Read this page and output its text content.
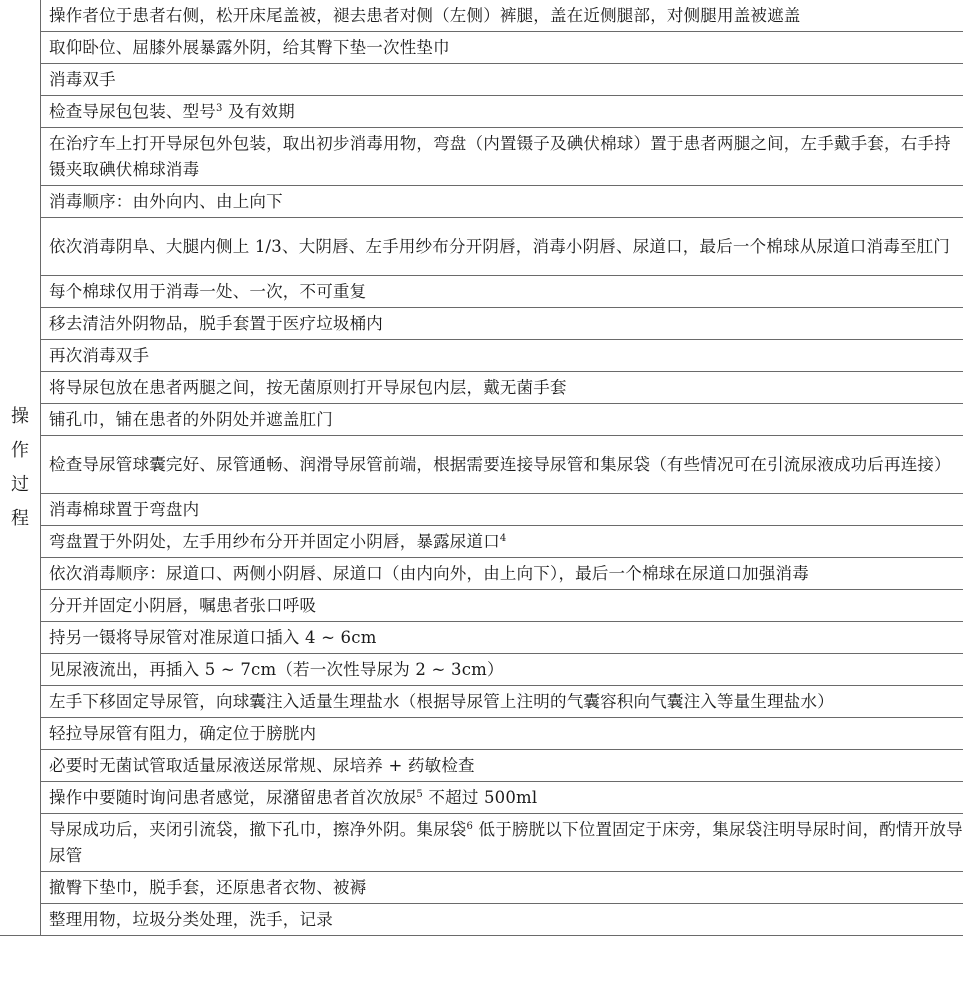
操作过程	操作者位于患者右侧，松开床尾盖被，褪去患者对侧（左侧）裤腿，盖在近侧腿部，对侧腿用盖被遮盖
取仰卧位、屈膝外展暴露外阴，给其臀下垫一次性垫巾
消毒双手
检查导尿包包装、型号$^3$ 及有效期
在治疗车上打开导尿包外包装，取出初步消毒用物，弯盘（内置镊子及碘伏棉球）置于患者两腿之间，左手戴手套，右手持镊夹取碘伏棉球消毒
消毒顺序：由外向内、由上向下
依次消毒阴阜、大腿内侧上 1/3、大阴唇、左手用纱布分开阴唇，消毒小阴唇、尿道口，最后一个棉球从尿道口消毒至肛门
每个棉球仅用于消毒一处、一次，不可重复
移去清洁外阴物品，脱手套置于医疗垃圾桶内
再次消毒双手
将导尿包放在患者两腿之间，按无菌原则打开导尿包内层，戴无菌手套
铺孔巾，铺在患者的外阴处并遮盖肛门
检查导尿管球囊完好、尿管通畅、润滑导尿管前端，根据需要连接导尿管和集尿袋（有些情况可在引流尿液成功后再连接）
消毒棉球置于弯盘内
弯盘置于外阴处，左手用纱布分开并固定小阴唇，暴露尿道口$^4$
依次消毒顺序：尿道口、两侧小阴唇、尿道口（由内向外，由上向下），最后一个棉球在尿道口加强消毒
分开并固定小阴唇，嘱患者张口呼吸
持另一镊将导尿管对准尿道口插入 4 ~ 6cm
见尿液流出，再插入 5 ~ 7cm（若一次性导尿为 2 ~ 3cm）
左手下移固定导尿管，向球囊注入适量生理盐水（根据导尿管上注明的气囊容积向气囊注入等量生理盐水）
轻拉导尿管有阻力，确定位于膀胱内
必要时无菌试管取适量尿液送尿常规、尿培养 + 药敏检查
操作中要随时询问患者感觉，尿潴留患者首次放尿$^5$ 不超过 500ml
导尿成功后，夹闭引流袋，撤下孔巾，擦净外阴。集尿袋$^6$ 低于膀胱以下位置固定于床旁，集尿袋注明导尿时间，酌情开放导尿管
撤臀下垫巾，脱手套，还原患者衣物、被褥
整理用物，垃圾分类处理，洗手，记录
